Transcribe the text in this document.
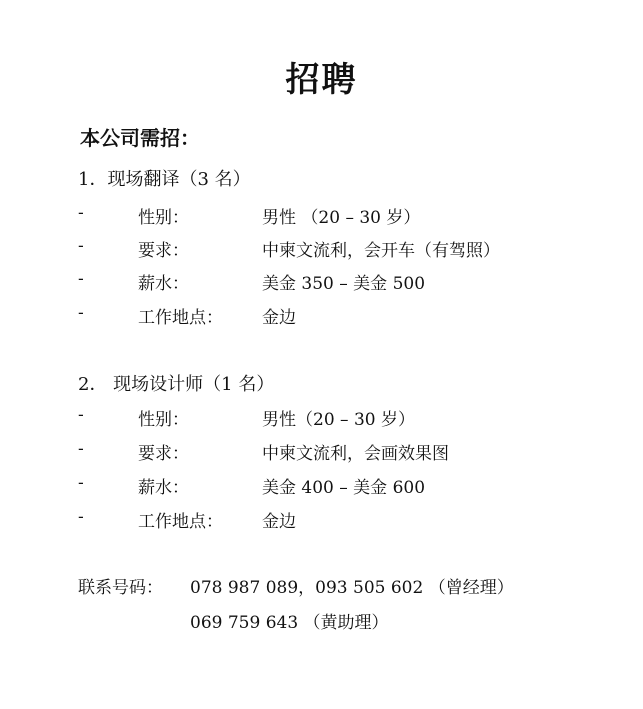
招聘
本公司需招：
1．现场翻译（3 名）
-	性别：	男性 （20 – 30 岁）
-	要求：	中柬文流利，会开车（有驾照）
-	薪水：	美金 350 – 美金 500
-	工作地点： 金边
2． 现场设计师（1 名）
-	性别：	男性（20 – 30 岁）
-	要求：	中柬文流利，会画效果图
-	薪水：	美金 400 – 美金 600
-	工作地点： 金边
联系号码： 078 987 089，093 505 602 （曾经理）
069 759 643 （黄助理）
